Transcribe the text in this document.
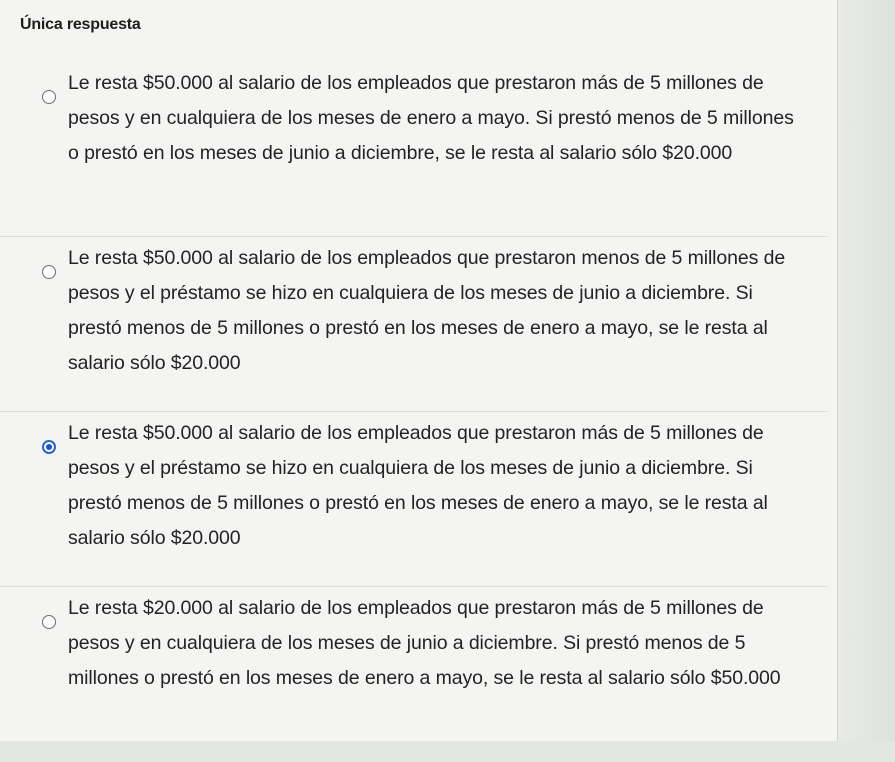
Única respuesta
Le resta $50.000 al salario de los empleados que prestaron más de 5 millones de pesos y en cualquiera de los meses de enero a mayo. Si prestó menos de 5 millones o prestó en los meses de junio a diciembre, se le resta al salario sólo $20.000
Le resta $50.000 al salario de los empleados que prestaron menos de 5 millones de pesos y el préstamo se hizo en cualquiera de los meses de junio a diciembre. Si prestó menos de 5 millones o prestó en los meses de enero a mayo, se le resta al salario sólo $20.000
Le resta $50.000 al salario de los empleados que prestaron más de 5 millones de pesos y el préstamo se hizo en cualquiera de los meses de junio a diciembre. Si prestó menos de 5 millones o prestó en los meses de enero a mayo, se le resta al salario sólo $20.000
Le resta $20.000 al salario de los empleados que prestaron más de 5 millones de pesos y en cualquiera de los meses de junio a diciembre. Si prestó menos de 5 millones o prestó en los meses de enero a mayo, se le resta al salario sólo $50.000
